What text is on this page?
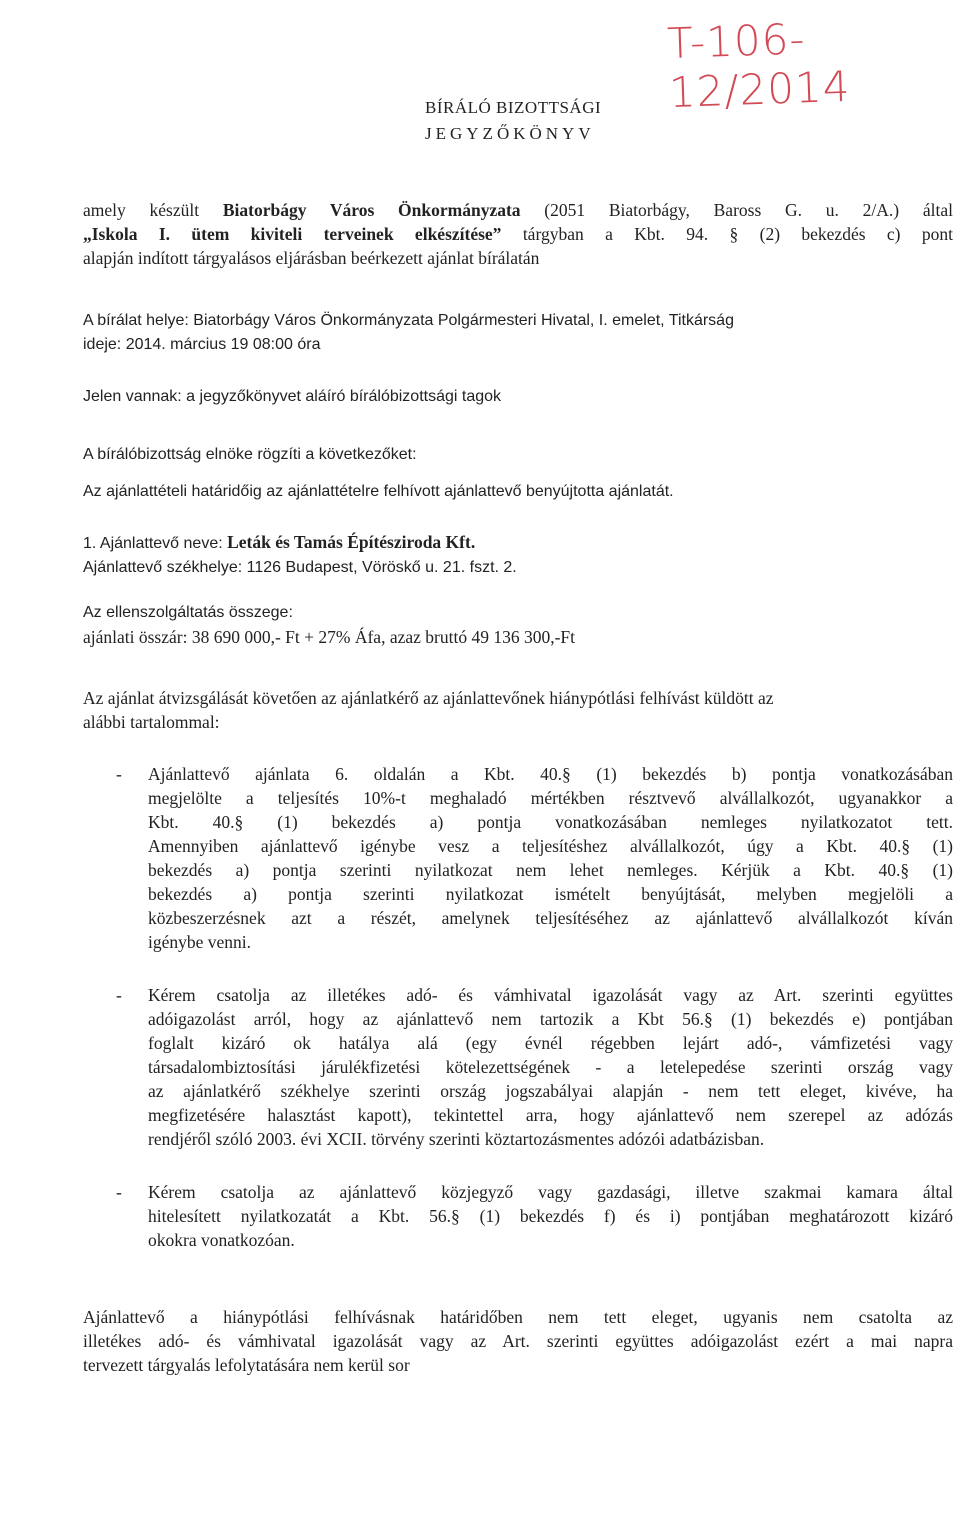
T-106-12/2014
BÍRÁLÓ BIZOTTSÁGI
JEGYZŐKÖNYV
amely készült Biatorbágy Város Önkormányzata (2051 Biatorbágy, Baross G. u. 2/A.) által
„Iskola I. ütem kiviteli terveinek elkészítése” tárgyban a Kbt. 94. § (2) bekezdés c) pont
alapján indított tárgyalásos eljárásban beérkezett ajánlat bírálatán
A bírálat helye: Biatorbágy Város Önkormányzata Polgármesteri Hivatal, I. emelet, Titkárság
ideje: 2014. március 19 08:00 óra
Jelen vannak: a jegyzőkönyvet aláíró bírálóbizottsági tagok
A bírálóbizottság elnöke rögzíti a következőket:
Az ajánlattételi határidőig az ajánlattételre felhívott ajánlattevő benyújtotta ajánlatát.
1. Ajánlattevő neve: Leták és Tamás Építésziroda Kft.
Ajánlattevő székhelye: 1126 Budapest, Vöröskő u. 21. fszt. 2.
Az ellenszolgáltatás összege:
ajánlati összár: 38 690 000,- Ft + 27% Áfa, azaz bruttó 49 136 300,-Ft
Az ajánlat átvizsgálását követően az ajánlatkérő az ajánlattevőnek hiánypótlási felhívást küldött az
alábbi tartalommal:
- Ajánlattevő ajánlata 6. oldalán a Kbt. 40.§ (1) bekezdés b) pontja vonatkozásában
megjelölte a teljesítés 10%-t meghaladó mértékben résztvevő alvállalkozót, ugyanakkor a
Kbt. 40.§ (1) bekezdés a) pontja vonatkozásában nemleges nyilatkozatot tett.
Amennyiben ajánlattevő igénybe vesz a teljesítéshez alvállalkozót, úgy a Kbt. 40.§ (1)
bekezdés a) pontja szerinti nyilatkozat nem lehet nemleges. Kérjük a Kbt. 40.§ (1)
bekezdés a) pontja szerinti nyilatkozat ismételt benyújtását, melyben megjelöli a
közbeszerzésnek azt a részét, amelynek teljesítéséhez az ajánlattevő alvállalkozót kíván
igénybe venni.
- Kérem csatolja az illetékes adó- és vámhivatal igazolását vagy az Art. szerinti együttes
adóigazolást arról, hogy az ajánlattevő nem tartozik a Kbt 56.§ (1) bekezdés e) pontjában
foglalt kizáró ok hatálya alá (egy évnél régebben lejárt adó-, vámfizetési vagy
társadalombiztosítási járulékfizetési kötelezettségének - a letelepedése szerinti ország vagy
az ajánlatkérő székhelye szerinti ország jogszabályai alapján - nem tett eleget, kivéve, ha
megfizetésére halasztást kapott), tekintettel arra, hogy ajánlattevő nem szerepel az adózás
rendjéről szóló 2003. évi XCII. törvény szerinti köztartozásmentes adózói adatbázisban.
- Kérem csatolja az ajánlattevő közjegyző vagy gazdasági, illetve szakmai kamara által
hitelesített nyilatkozatát a Kbt. 56.§ (1) bekezdés f) és i) pontjában meghatározott kizáró
okokra vonatkozóan.
Ajánlattevő a hiánypótlási felhívásnak határidőben nem tett eleget, ugyanis nem csatolta az
illetékes adó- és vámhivatal igazolását vagy az Art. szerinti együttes adóigazolást ezért a mai napra
tervezett tárgyalás lefolytatására nem kerül sor
